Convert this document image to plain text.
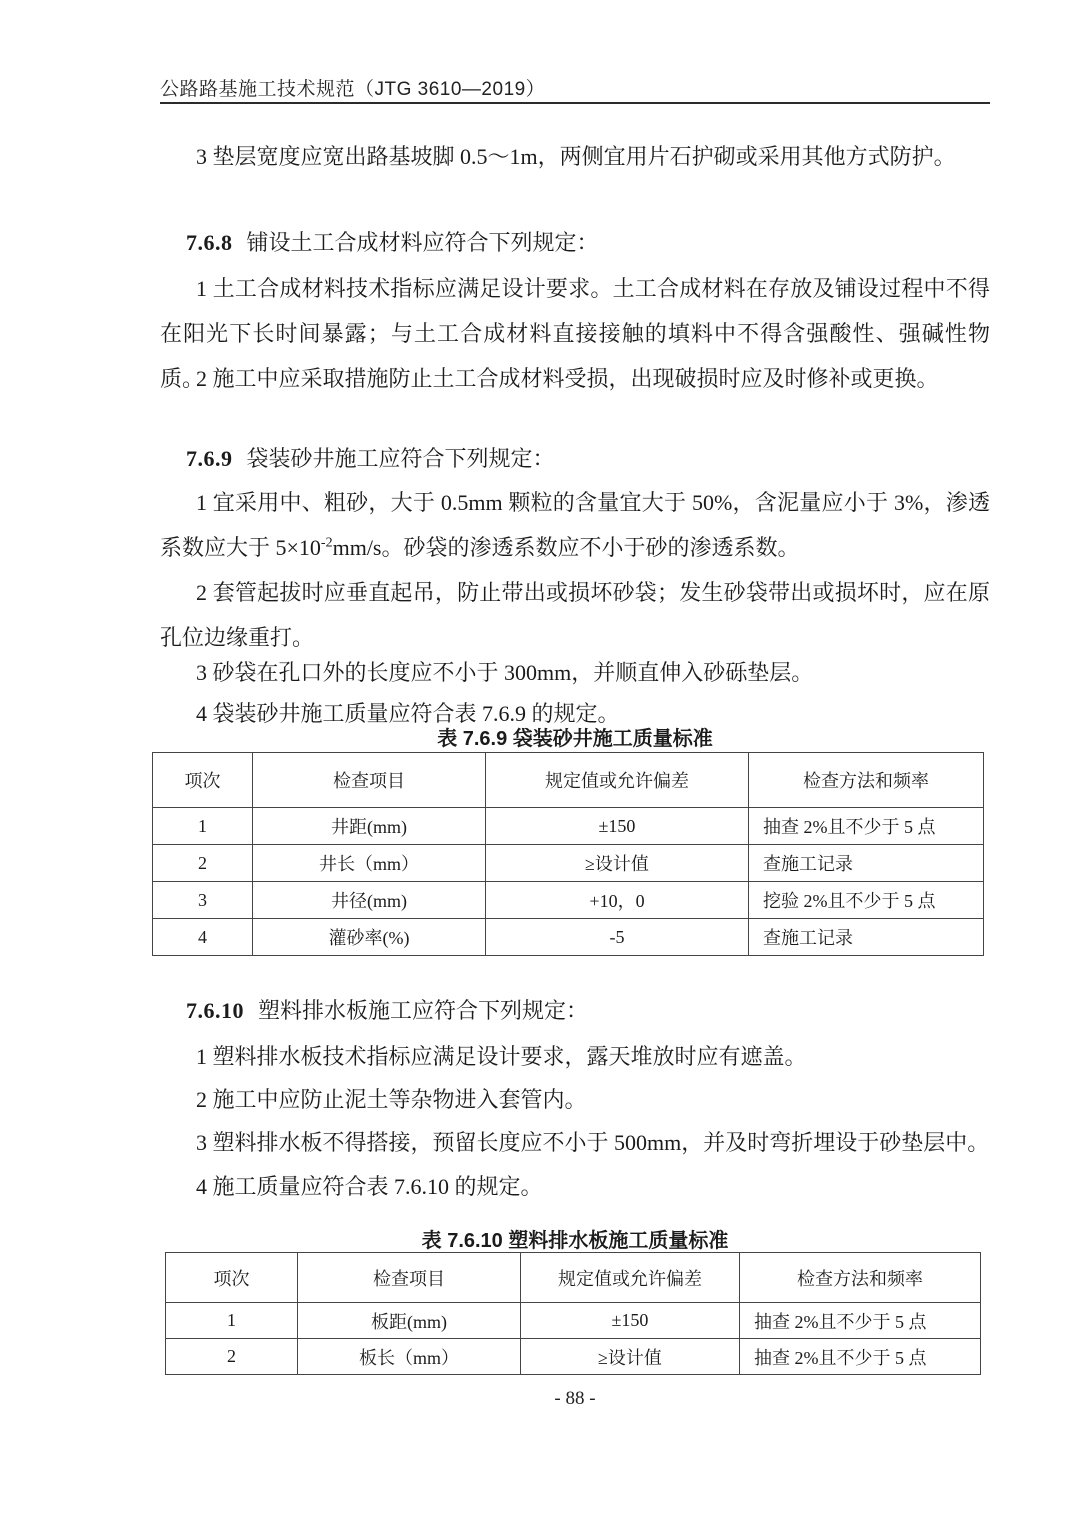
公路路基施工技术规范（JTG 3610—2019）

3 垫层宽度应宽出路基坡脚 0.5～1m，两侧宜用片石护砌或采用其他方式防护。

7.6.8 铺设土工合成材料应符合下列规定：

1 土工合成材料技术指标应满足设计要求。土工合成材料在存放及铺设过程中不得在阳光下长时间暴露；与土工合成材料直接接触的填料中不得含强酸性、强碱性物质。

2 施工中应采取措施防止土工合成材料受损，出现破损时应及时修补或更换。

7.6.9 袋装砂井施工应符合下列规定：

1 宜采用中、粗砂，大于 0.5mm 颗粒的含量宜大于 50%，含泥量应小于 3%，渗透系数应大于 $5\times 10^{-2}mm/s$。砂袋的渗透系数应不小于砂的渗透系数。

2 套管起拔时应垂直起吊，防止带出或损坏砂袋；发生砂袋带出或损坏时，应在原孔位边缘重打。

3 砂袋在孔口外的长度应不小于 300mm，并顺直伸入砂砾垫层。

4 袋装砂井施工质量应符合表 7.6.9 的规定。

表 7.6.9 袋装砂井施工质量标准
项次	检查项目	规定值或允许偏差	检查方法和频率
1	井距(mm)	±150	抽查 2%且不少于 5 点
2	井长（mm）	≥设计值	查施工记录
3	井径(mm)	+10，0	挖验 2%且不少于 5 点
4	灌砂率(%)	-5	查施工记录

7.6.10 塑料排水板施工应符合下列规定：

1 塑料排水板技术指标应满足设计要求，露天堆放时应有遮盖。

2 施工中应防止泥土等杂物进入套管内。

3 塑料排水板不得搭接，预留长度应不小于 500mm，并及时弯折埋设于砂垫层中。

4 施工质量应符合表 7.6.10 的规定。

表 7.6.10 塑料排水板施工质量标准
项次	检查项目	规定值或允许偏差	检查方法和频率
1	板距(mm)	±150	抽查 2%且不少于 5 点
2	板长（mm）	≥设计值	抽查 2%且不少于 5 点
- 88 -
